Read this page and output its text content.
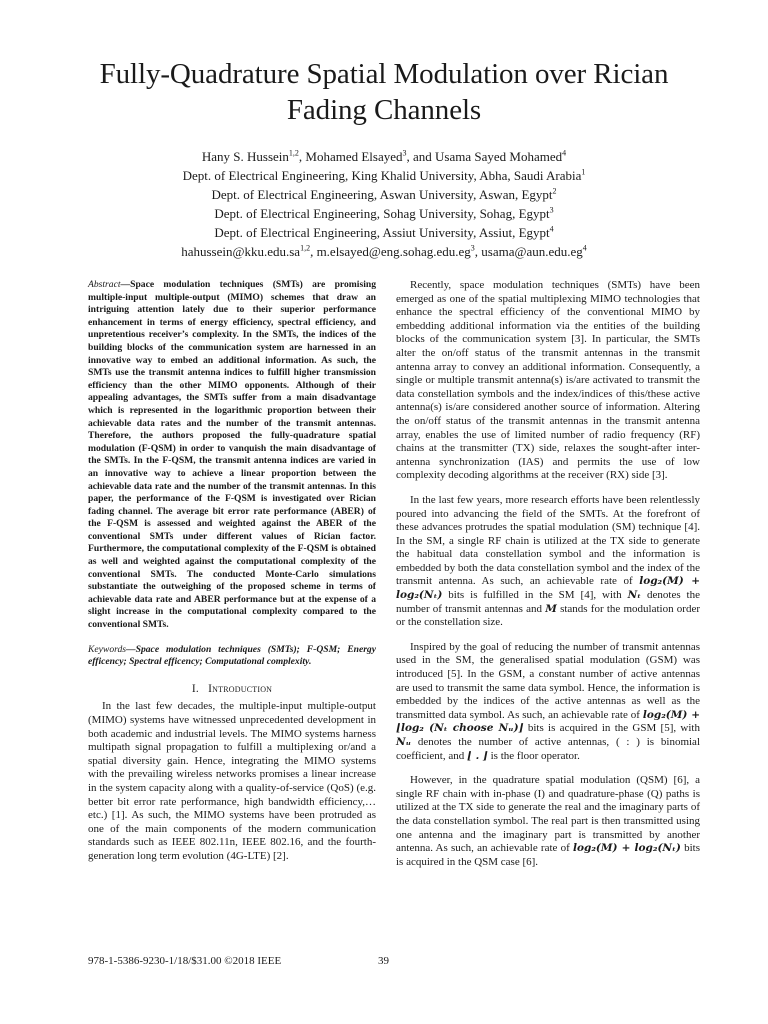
Fully-Quadrature Spatial Modulation over Rician
Fading Channels
Hany S. Hussein$^{1,2}$, Mohamed Elsayed$^3$, and Usama Sayed Mohamed$^4$
Dept. of Electrical Engineering, King Khalid University, Abha, Saudi Arabia$^1$
Dept. of Electrical Engineering, Aswan University, Aswan, Egypt$^2$
Dept. of Electrical Engineering, Sohag University, Sohag, Egypt$^3$
Dept. of Electrical Engineering, Assiut University, Assiut, Egypt$^4$
hahussein@kku.edu.sa$^{1,2}$, $m.elsayed@eng.sohag.edu.eg^3$, $usama@aun.edu.eg^4$

Abstract—Space modulation techniques (SMTs) are promising multiple-input multiple-output (MIMO) schemes that draw an intriguing attention lately due to their superior performance enhancement in terms of energy efficiency, spectral efficiency, and unpretentious receiver’s complexity. In the SMTs, the indices of the building blocks of the communication system are harnessed in an innovative way to embed an additional information. As such, the SMTs use the transmit antenna indices to fulfill higher transmission efficiency than the other MIMO opponents. Although of their appealing advantages, the SMTs suffer from a main disadvantage which is represented in the logarithmic proportion between their achievable data rates and the number of the transmit antennas. Therefore, the authors proposed the fully-quadrature spatial modulation (F-QSM) in order to vanquish the main disadvantage of the SMTs. In the F-QSM, the transmit antenna indices are varied in an innovative way to achieve a linear proportion between the achievable data rate and the number of the transmit antennas. In this paper, the performance of the F-QSM is investigated over Rician fading channel. The average bit error rate performance (ABER) of the F-QSM is assessed and weighted against the ABER of the conventional SMTs under different values of Rician factor. Furthermore, the computational complexity of the F-QSM is obtained as well and weighted against the computational complexity of the conventional SMTs. The conducted Monte-Carlo simulations substantiate the outweighing of the proposed scheme in terms of achievable data rate and ABER performance but at the expense of a slight increase in the computational complexity compared to the conventional SMTs.

Keywords—Space modulation techniques (SMTs); F-QSM; Energy efficency; Spectral efficency; Computational complexity.

I. Introduction

In the last few decades, the multiple-input multiple-output (MIMO) systems have witnessed unprecedented development in both academic and industrial levels. The MIMO systems harness multipath signal propagation to fulfill a multiplexing or/and a spatial diversity gain. Hence, integrating the MIMO systems with the prevailing wireless networks promises a linear increase in the system capacity along with a quality-of-service (QoS) (e.g. better bit error rate performance, high bandwidth efficiency,…etc.) [1]. As such, the MIMO systems have been protruded as one of the main components of the modern communication standards such as IEEE 802.11n, IEEE 802.16, and the fourth-generation long term evolution (4G-LTE) [2].

Recently, space modulation techniques (SMTs) have been emerged as one of the spatial multiplexing MIMO technologies that enhance the spectral efficiency of the conventional MIMO by embedding additional information via the entities of the building blocks of the communication system [3]. In particular, the SMTs alter the on/off status of the transmit antennas in the transmit antenna array to convey an additional information. Consequently, a single or multiple transmit antenna(s) is/are activated to transmit the data constellation symbols and the index/indices of this/these active antenna(s) is/are considered another source of information. Altering the on/off status of the transmit antennas in the transmit antenna array, enables the use of limited number of radio frequency (RF) chains at the transmitter (TX) side, relaxes the sought-after inter-antenna synchronization (IAS) and permits the use of low complexity decoding algorithms at the receiver (RX) side [3].

In the last few years, more research efforts have been relentlessly poured into advancing the field of the SMTs. At the forefront of these advances protrudes the spatial modulation (SM) technique [4]. In the SM, a single RF chain is utilized at the TX side to generate the habitual data constellation symbol and the information is embedded by both the data constellation symbol and the index of the transmit antenna. As such, an achievable rate of log₂(M) + log₂(Nₜ) bits is fulfilled in the SM [4], with Nₜ denotes the number of transmit antennas and M stands for the modulation order or the constellation size.

Inspired by the goal of reducing the number of transmit antennas used in the SM, the generalised spatial modulation (GSM) was introduced [5]. In the GSM, a constant number of active antennas are used to transmit the same data symbol. Hence, the information is embedded by the indices of the active antennas as well as the transmitted data symbol. As such, an achievable rate of log₂(M) + ⌊log₂ (Nₜ choose Nᵤ)⌋ bits is acquired in the GSM [5], with Nᵤ denotes the number of active antennas, ( : ) is binomial coefficient, and ⌊ . ⌋ is the floor operator.

However, in the quadrature spatial modulation (QSM) [6], a single RF chain with in-phase (I) and quadrature-phase (Q) paths is utilized at the TX side to generate the real and the imaginary parts of the data constellation symbol. The real part is then transmitted using one antenna and the imaginary part is transmitted by another antenna. As such, an achievable rate of log₂(M) + log₂(Nₜ) bits is acquired in the QSM case [6].

978-1-5386-9230-1/18/$31.00 ©2018 IEEE	39
